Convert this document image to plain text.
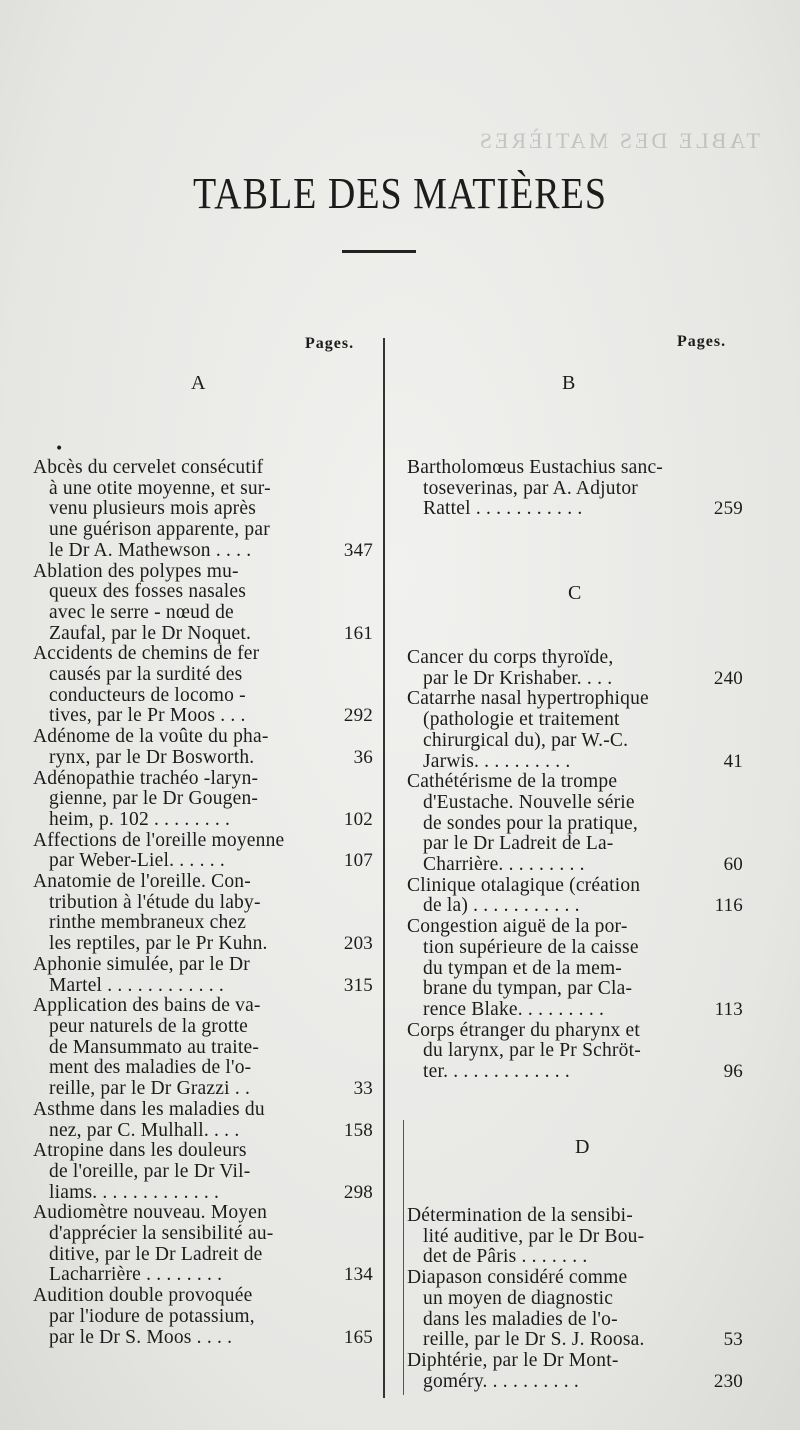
TABLE DES MATIÈRES
TABLE DES MATIÈRES
Pages.	Pages.
A
•
B
C
D
Abcès du cervelet consécutif
à une otite moyenne, et sur-
venu plusieurs mois après
une guérison apparente, par
le Dr A. Mathewson . . . .	347
Ablation des polypes mu-
queux des fosses nasales
avec le serre - nœud de
Zaufal, par le Dr Noquet.	161
Accidents de chemins de fer
causés par la surdité des
conducteurs de locomo -
tives, par le Pr Moos . . .	292
Adénome de la voûte du pha-
rynx, par le Dr Bosworth.	36
Adénopathie trachéo -laryn-
gienne, par le Dr Gougen-
heim, p. 102 . . . . . . . .	102
Affections de l'oreille moyenne
par Weber-Liel. . . . . .	107
Anatomie de l'oreille. Con-
tribution à l'étude du laby-
rinthe membraneux chez
les reptiles, par le Pr Kuhn.	203
Aphonie simulée, par le Dr
Martel . . . . . . . . . . . .	315
Application des bains de va-
peur naturels de la grotte
de Mansummato au traite-
ment des maladies de l'o-
reille, par le Dr Grazzi . .	33
Asthme dans les maladies du
nez, par C. Mulhall. . . .	158
Atropine dans les douleurs
de l'oreille, par le Dr Vil-
liams. . . . . . . . . . . . .	298
Audiomètre nouveau. Moyen
d'apprécier la sensibilité au-
ditive, par le Dr Ladreit de
Lacharrière . . . . . . . .	134
Audition double provoquée
par l'iodure de potassium,
par le Dr S. Moos . . . .	165
Bartholomœus Eustachius sanc-
toseverinas, par A. Adjutor
Rattel . . . . . . . . . . .	259
Cancer du corps thyroïde,
par le Dr Krishaber. . . .	240
Catarrhe nasal hypertrophique
(pathologie et traitement
chirurgical du), par W.-C.
Jarwis. . . . . . . . . .	41
Cathétérisme de la trompe
d'Eustache. Nouvelle série
de sondes pour la pratique,
par le Dr Ladreit de La-
Charrière. . . . . . . . .	60
Clinique otalagique (création
de la) . . . . . . . . . . .	116
Congestion aiguë de la por-
tion supérieure de la caisse
du tympan et de la mem-
brane du tympan, par Cla-
rence Blake. . . . . . . . .	113
Corps étranger du pharynx et
du larynx, par le Pr Schröt-
ter. . . . . . . . . . . . .	96
Détermination de la sensibi-
lité auditive, par le Dr Bou-
det de Pâris . . . . . . .
Diapason considéré comme
un moyen de diagnostic
dans les maladies de l'o-
reille, par le Dr S. J. Roosa.	53
Diphtérie, par le Dr Mont-
goméry. . . . . . . . . .	230
